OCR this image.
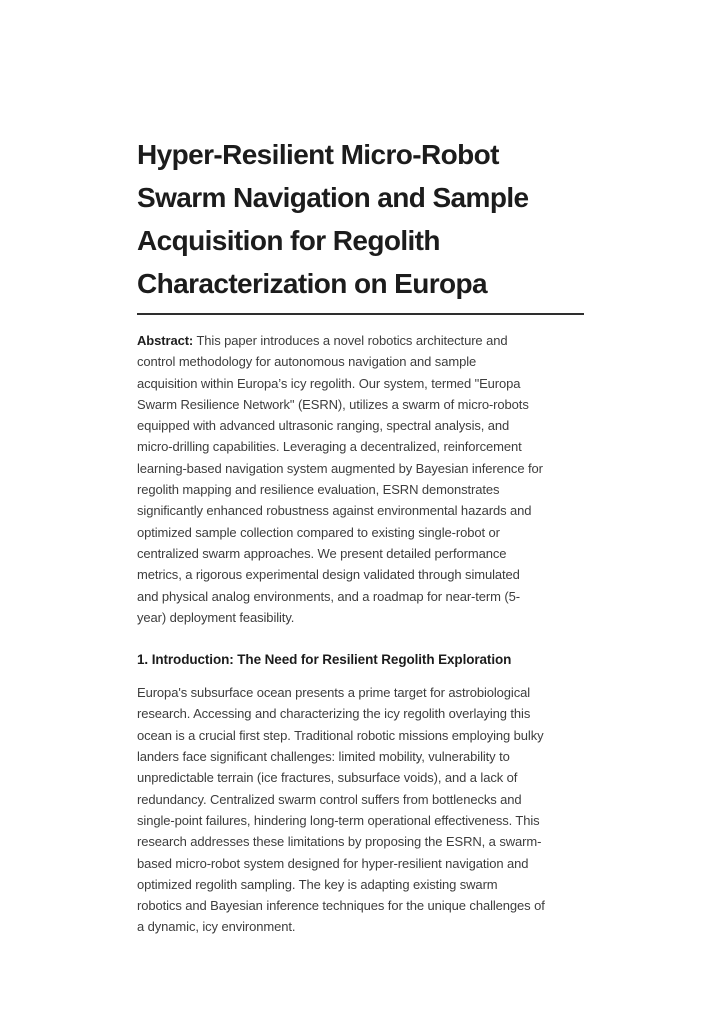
Hyper-Resilient Micro-Robot
Swarm Navigation and Sample
Acquisition for Regolith
Characterization on Europa
Abstract: This paper introduces a novel robotics architecture and
control methodology for autonomous navigation and sample
acquisition within Europa’s icy regolith. Our system, termed "Europa
Swarm Resilience Network" (ESRN), utilizes a swarm of micro-robots
equipped with advanced ultrasonic ranging, spectral analysis, and
micro-drilling capabilities. Leveraging a decentralized, reinforcement
learning-based navigation system augmented by Bayesian inference for
regolith mapping and resilience evaluation, ESRN demonstrates
significantly enhanced robustness against environmental hazards and
optimized sample collection compared to existing single-robot or
centralized swarm approaches. We present detailed performance
metrics, a rigorous experimental design validated through simulated
and physical analog environments, and a roadmap for near-term (5-
year) deployment feasibility.
1. Introduction: The Need for Resilient Regolith Exploration
Europa's subsurface ocean presents a prime target for astrobiological
research. Accessing and characterizing the icy regolith overlaying this
ocean is a crucial first step. Traditional robotic missions employing bulky
landers face significant challenges: limited mobility, vulnerability to
unpredictable terrain (ice fractures, subsurface voids), and a lack of
redundancy. Centralized swarm control suffers from bottlenecks and
single-point failures, hindering long-term operational effectiveness. This
research addresses these limitations by proposing the ESRN, a swarm-
based micro-robot system designed for hyper-resilient navigation and
optimized regolith sampling. The key is adapting existing swarm
robotics and Bayesian inference techniques for the unique challenges of
a dynamic, icy environment.
